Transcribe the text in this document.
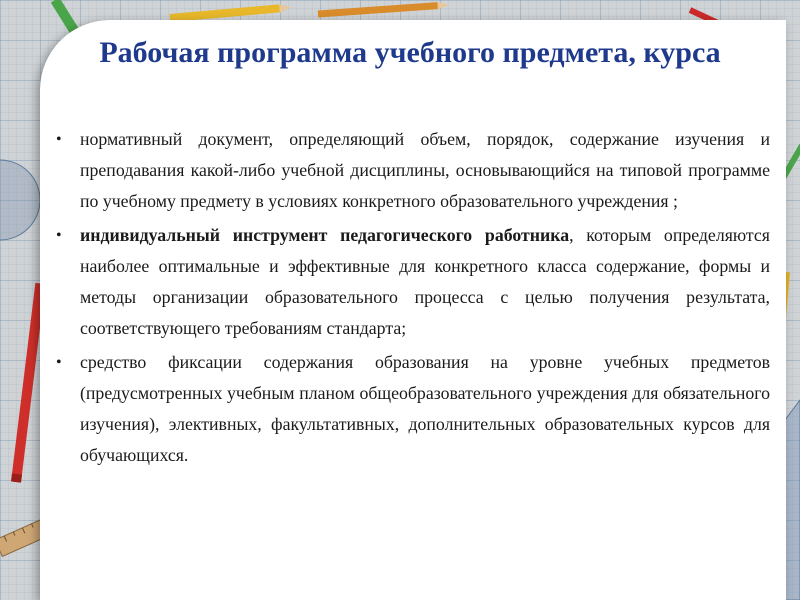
Рабочая программа учебного предмета, курса
• нормативный документ, определяющий объем, порядок, содержание изучения и преподавания какой-либо учебной дисциплины, основывающийся на типовой программе по учебному предмету в условиях конкретного образовательного учреждения ;
• индивидуальный инструмент педагогического работника, которым определяются наиболее оптимальные и эффективные для конкретного класса содержание, формы и методы организации образовательного процесса с целью получения результата, соответствующего требованиям стандарта;
• средство фиксации содержания образования на уровне учебных предметов (предусмотренных учебным планом общеобразовательного учреждения для обязательного изучения), элективных, факультативных, дополнительных образовательных курсов для обучающихся.
